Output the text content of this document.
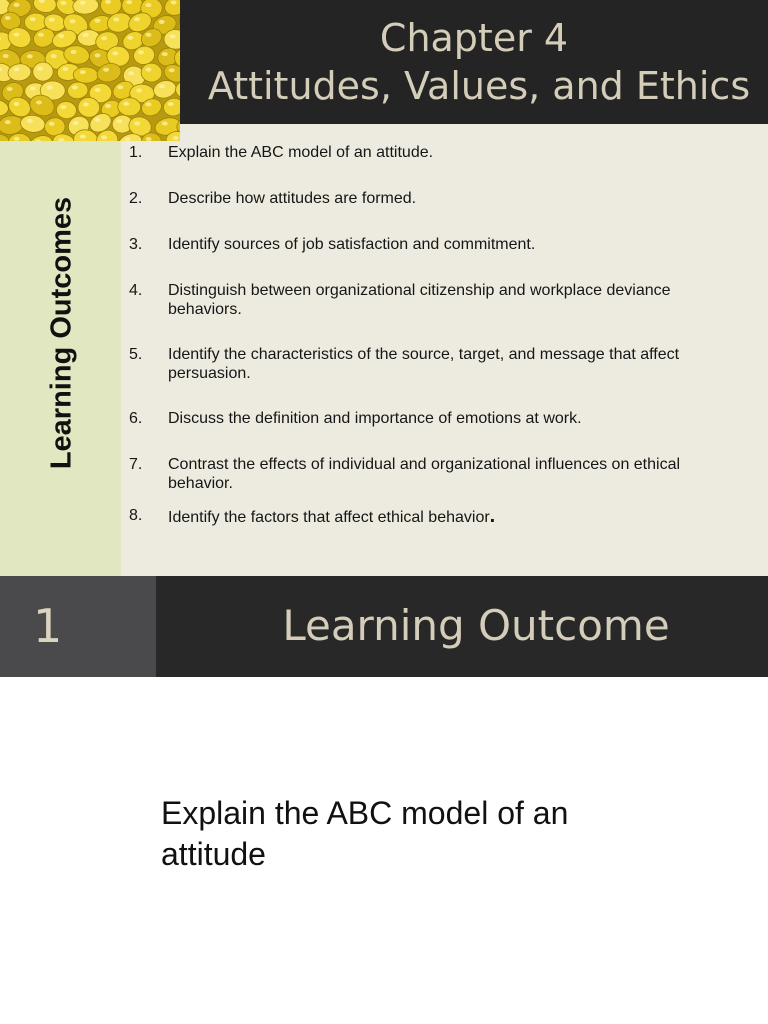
Chapter 4
Attitudes, Values, and Ethics
Learning Outcomes
1. Explain the ABC model of an attitude.
2. Describe how attitudes are formed.
3. Identify sources of job satisfaction and commitment.
4. Distinguish between organizational citizenship and workplace deviance behaviors.
5. Identify the characteristics of the source, target, and message that affect persuasion.
6. Discuss the definition and importance of emotions at work.
7. Contrast the effects of individual and organizational influences on ethical behavior.
8. Identify the factors that affect ethical behavior.
1	Learning Outcome
Explain the ABC model of an attitude
